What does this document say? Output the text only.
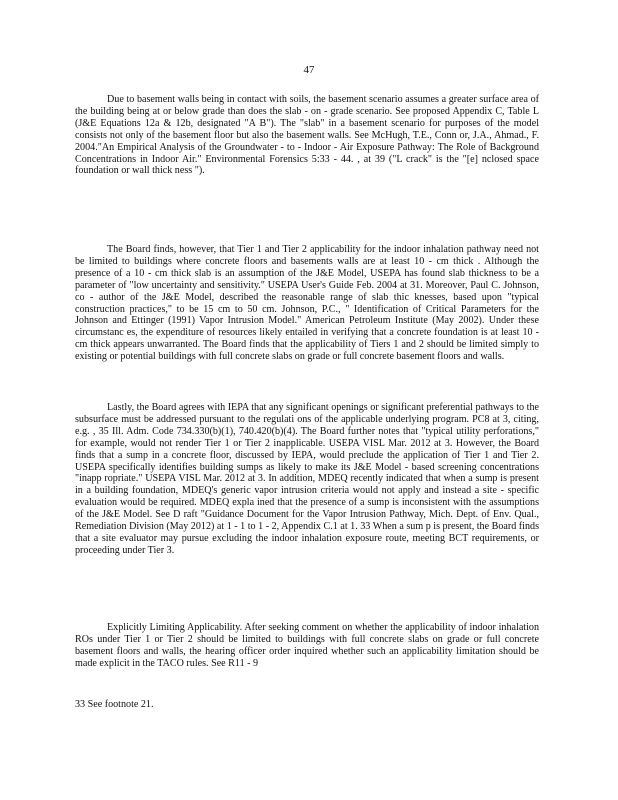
47

Due to basement walls being in contact with soils, the basement scenario assumes a greater surface area of the building being at or below grade than does the slab - on - grade scenario. See proposed Appendix C, Table L (J&E Equations 12a & 12b, designated "A B"). The "slab" in a basement scenario for purposes of the model consists not only of the basement floor but also the basement walls. See McHugh, T.E., Conn or, J.A., Ahmad., F. 2004."An Empirical Analysis of the Groundwater - to - Indoor - Air Exposure Pathway: The Role of Background Concentrations in Indoor Air." Environmental Forensics 5:33 - 44. , at 39 ("L crack" is the "[e] nclosed space foundation or wall thick ness ").

The Board finds, however, that Tier 1 and Tier 2 applicability for the indoor inhalation pathway need not be limited to buildings where concrete floors and basements walls are at least 10 - cm thick . Although the presence of a 10 - cm thick slab is an assumption of the J&E Model, USEPA has found slab thickness to be a parameter of "low uncertainty and sensitivity." USEPA User's Guide Feb. 2004 at 31. Moreover, Paul C. Johnson, co - author of the J&E Model, described the reasonable range of slab thic knesses, based upon "typical construction practices," to be 15 cm to 50 cm. Johnson, P.C., " Identification of Critical Parameters for the Johnson and Ettinger (1991) Vapor Intrusion Model." American Petroleum Institute (May 2002). Under these circumstanc es, the expenditure of resources likely entailed in verifying that a concrete foundation is at least 10 - cm thick appears unwarranted. The Board finds that the applicability of Tiers 1 and 2 should be limited simply to existing or potential buildings with full concrete slabs on grade or full concrete basement floors and walls.

Lastly, the Board agrees with IEPA that any significant openings or significant preferential pathways to the subsurface must be addressed pursuant to the regulati ons of the applicable underlying program. PC8 at 3, citing, e.g. , 35 Ill. Adm. Code 734.330(b)(1), 740.420(b)(4). The Board further notes that "typical utility perforations," for example, would not render Tier 1 or Tier 2 inapplicable. USEPA VISL Mar. 2012 at 3. However, the Board finds that a sump in a concrete floor, discussed by IEPA, would preclude the application of Tier 1 and Tier 2. USEPA specifically identifies building sumps as likely to make its J&E Model - based screening concentrations "inapp ropriate." USEPA VISL Mar. 2012 at 3. In addition, MDEQ recently indicated that when a sump is present in a building foundation, MDEQ's generic vapor intrusion criteria would not apply and instead a site - specific evaluation would be required. MDEQ expla ined that the presence of a sump is inconsistent with the assumptions of the J&E Model. See D raft "Guidance Document for the Vapor Intrusion Pathway, Mich. Dept. of Env. Qual., Remediation Division (May 2012) at 1 - 1 to 1 - 2, Appendix C.1 at 1. 33 When a sum p is present, the Board finds that a site evaluator may pursue excluding the indoor inhalation exposure route, meeting BCT requirements, or proceeding under Tier 3.

Explicitly Limiting Applicability. After seeking comment on whether the applicability of indoor inhalation ROs under Tier 1 or Tier 2 should be limited to buildings with full concrete slabs on grade or full concrete basement floors and walls, the hearing officer order inquired whether such an applicability limitation should be made explicit in the TACO rules. See R11 - 9

33 See footnote 21.
